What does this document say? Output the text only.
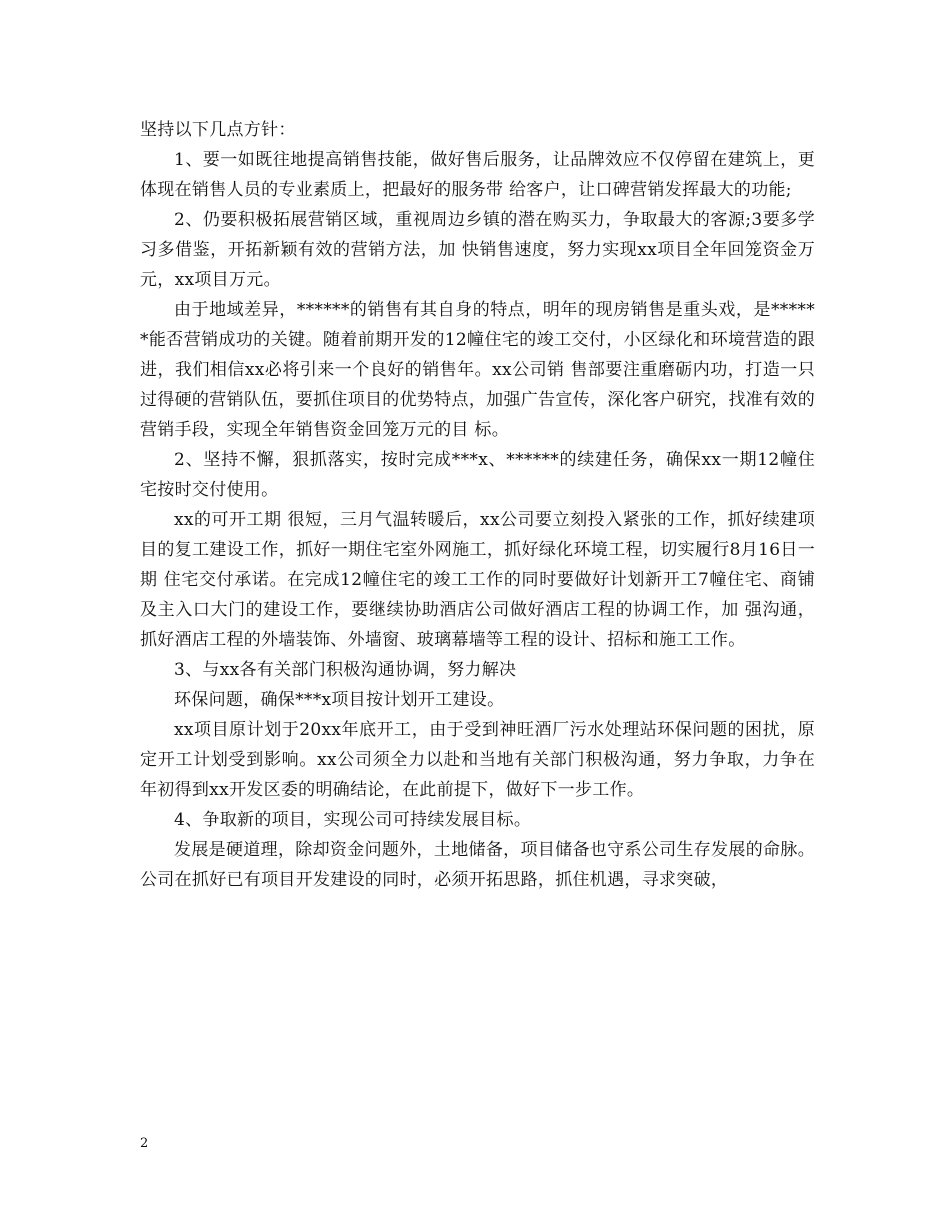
坚持以下几点方针：

1、要一如既往地提高销售技能，做好售后服务，让品牌效应不仅停留在建筑上，更体现在销售人员的专业素质上，把最好的服务带 给客户，让口碑营销发挥最大的功能;

2、仍要积极拓展营销区域，重视周边乡镇的潜在购买力，争取最大的客源;3要多学习多借鉴，开拓新颖有效的营销方法，加 快销售速度，努力实现xx项目全年回笼资金万元，xx项目万元。

由于地域差异，******的销售有其自身的特点，明年的现房销售是重头戏，是******能否营销成功的关键。随着前期开发的12幢住宅的竣工交付，小区绿化和环境营造的跟进，我们相信xx必将引来一个良好的销售年。xx公司销 售部要注重磨砺内功，打造一只过得硬的营销队伍，要抓住项目的优势特点，加强广告宣传，深化客户研究，找准有效的营销手段，实现全年销售资金回笼万元的目 标。

2、坚持不懈，狠抓落实，按时完成***x、******的续建任务，确保xx一期12幢住宅按时交付使用。

xx的可开工期 很短，三月气温转暖后，xx公司要立刻投入紧张的工作，抓好续建项目的复工建设工作，抓好一期住宅室外网施工，抓好绿化环境工程，切实履行8月16日一期 住宅交付承诺。在完成12幢住宅的竣工工作的同时要做好计划新开工7幢住宅、商铺及主入口大门的建设工作，要继续协助酒店公司做好酒店工程的协调工作，加 强沟通，抓好酒店工程的外墙装饰、外墙窗、玻璃幕墙等工程的设计、招标和施工工作。

3、与xx各有关部门积极沟通协调，努力解决

环保问题，确保***x项目按计划开工建设。

xx项目原计划于20xx年底开工，由于受到神旺酒厂污水处理站环保问题的困扰，原定开工计划受到影响。xx公司须全力以赴和当地有关部门积极沟通，努力争取，力争在年初得到xx开发区委的明确结论，在此前提下，做好下一步工作。

4、争取新的项目，实现公司可持续发展目标。

发展是硬道理，除却资金问题外，土地储备，项目储备也守系公司生存发展的命脉。公司在抓好已有项目开发建设的同时，必须开拓思路，抓住机遇，寻求突破，

2
